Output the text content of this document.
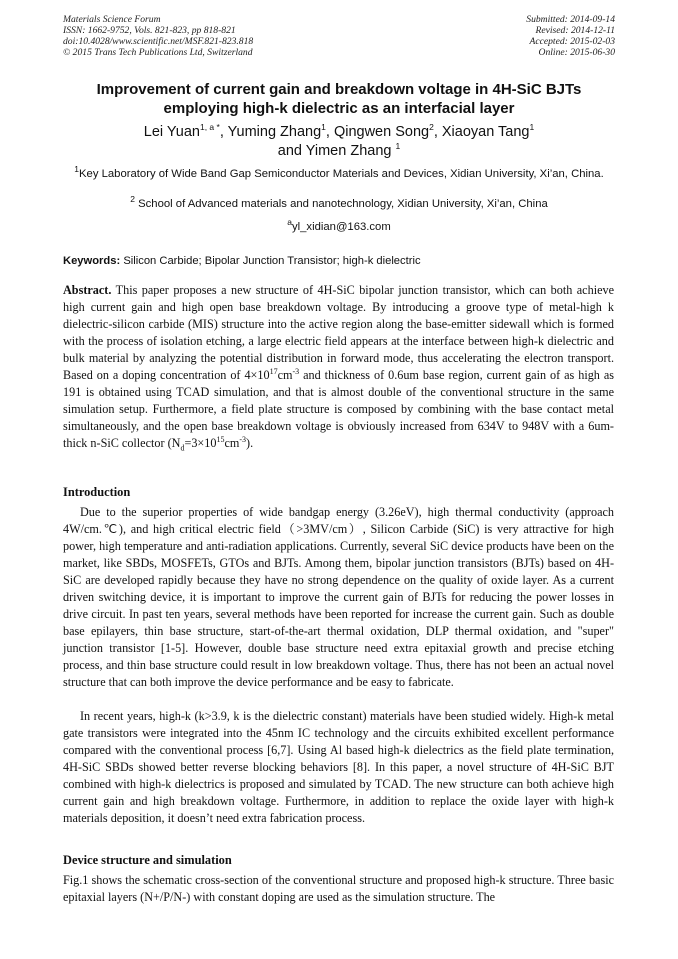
Materials Science Forum
ISSN: 1662-9752, Vols. 821-823, pp 818-821
doi:10.4028/www.scientific.net/MSF.821-823.818
© 2015 Trans Tech Publications Ltd, Switzerland
Submitted: 2014-09-14
Revised: 2014-12-11
Accepted: 2015-02-03
Online: 2015-06-30
Improvement of current gain and breakdown voltage in 4H-SiC BJTs
employing high-k dielectric as an interfacial layer
Lei Yuan$^{1, a *}$, Yuming Zhang$^1$, Qingwen Song$^2$, Xiaoyan Tang$^1$
and Yimen Zhang $^1$
$^1$Key Laboratory of Wide Band Gap Semiconductor Materials and Devices, Xidian University, Xi’an, China.
$^2$ School of Advanced materials and nanotechnology, Xidian University, Xi’an, China
$^a$yl_xidian@163.com
Keywords: Silicon Carbide; Bipolar Junction Transistor; high-k dielectric
Abstract. This paper proposes a new structure of 4H-SiC bipolar junction transistor, which can both achieve high current gain and high open base breakdown voltage. By introducing a groove type of metal-high k dielectric-silicon carbide (MIS) structure into the active region along the base-emitter sidewall which is formed with the process of isolation etching, a large electric field appears at the interface between high-k dielectric and bulk material by analyzing the potential distribution in forward mode, thus accelerating the electron transport. Based on a doping concentration of $4\times 10^{17}cm^{-3}$ and thickness of 0.6um base region, current gain of as high as 191 is obtained using TCAD simulation, and that is almost double of the conventional structure in the same simulation setup. Furthermore, a field plate structure is composed by combining with the base contact metal simultaneously, and the open base breakdown voltage is obviously increased from 634V to 948V with a 6um-thick n-SiC collector $(N_d=3\times 10^{15}cm^{-3})$.
Introduction
Due to the superior properties of wide bandgap energy (3.26eV), high thermal conductivity (approach 4W/cm.℃), and high critical electric field（>3MV/cm）, Silicon Carbide (SiC) is very attractive for high power, high temperature and anti-radiation applications. Currently, several SiC device products have been on the market, like SBDs, MOSFETs, GTOs and BJTs. Among them, bipolar junction transistors (BJTs) based on 4H-SiC are developed rapidly because they have no strong dependence on the quality of oxide layer. As a current driven switching device, it is important to improve the current gain of BJTs for reducing the power losses in drive circuit. In past ten years, several methods have been reported for increase the current gain. Such as double base epilayers, thin base structure, start-of-the-art thermal oxidation, DLP thermal oxidation, and "super" junction transistor [1-5]. However, double base structure need extra epitaxial growth and precise etching process, and thin base structure could result in low breakdown voltage. Thus, there has not been an actual novel structure that can both improve the device performance and be easy to fabricate.
In recent years, high-k (k>3.9, k is the dielectric constant) materials have been studied widely. High-k metal gate transistors were integrated into the 45nm IC technology and the circuits exhibited excellent performance compared with the conventional process [6,7]. Using Al based high-k dielectrics as the field plate termination, 4H-SiC SBDs showed better reverse blocking behaviors [8]. In this paper, a novel structure of 4H-SiC BJT combined with high-k dielectrics is proposed and simulated by TCAD. The new structure can both achieve high current gain and high breakdown voltage. Furthermore, in addition to replace the oxide layer with high-k materials deposition, it doesn’t need extra fabrication process.
Device structure and simulation
Fig.1 shows the schematic cross-section of the conventional structure and proposed high-k structure. Three basic epitaxial layers (N+/P/N-) with constant doping are used as the simulation structure. The
